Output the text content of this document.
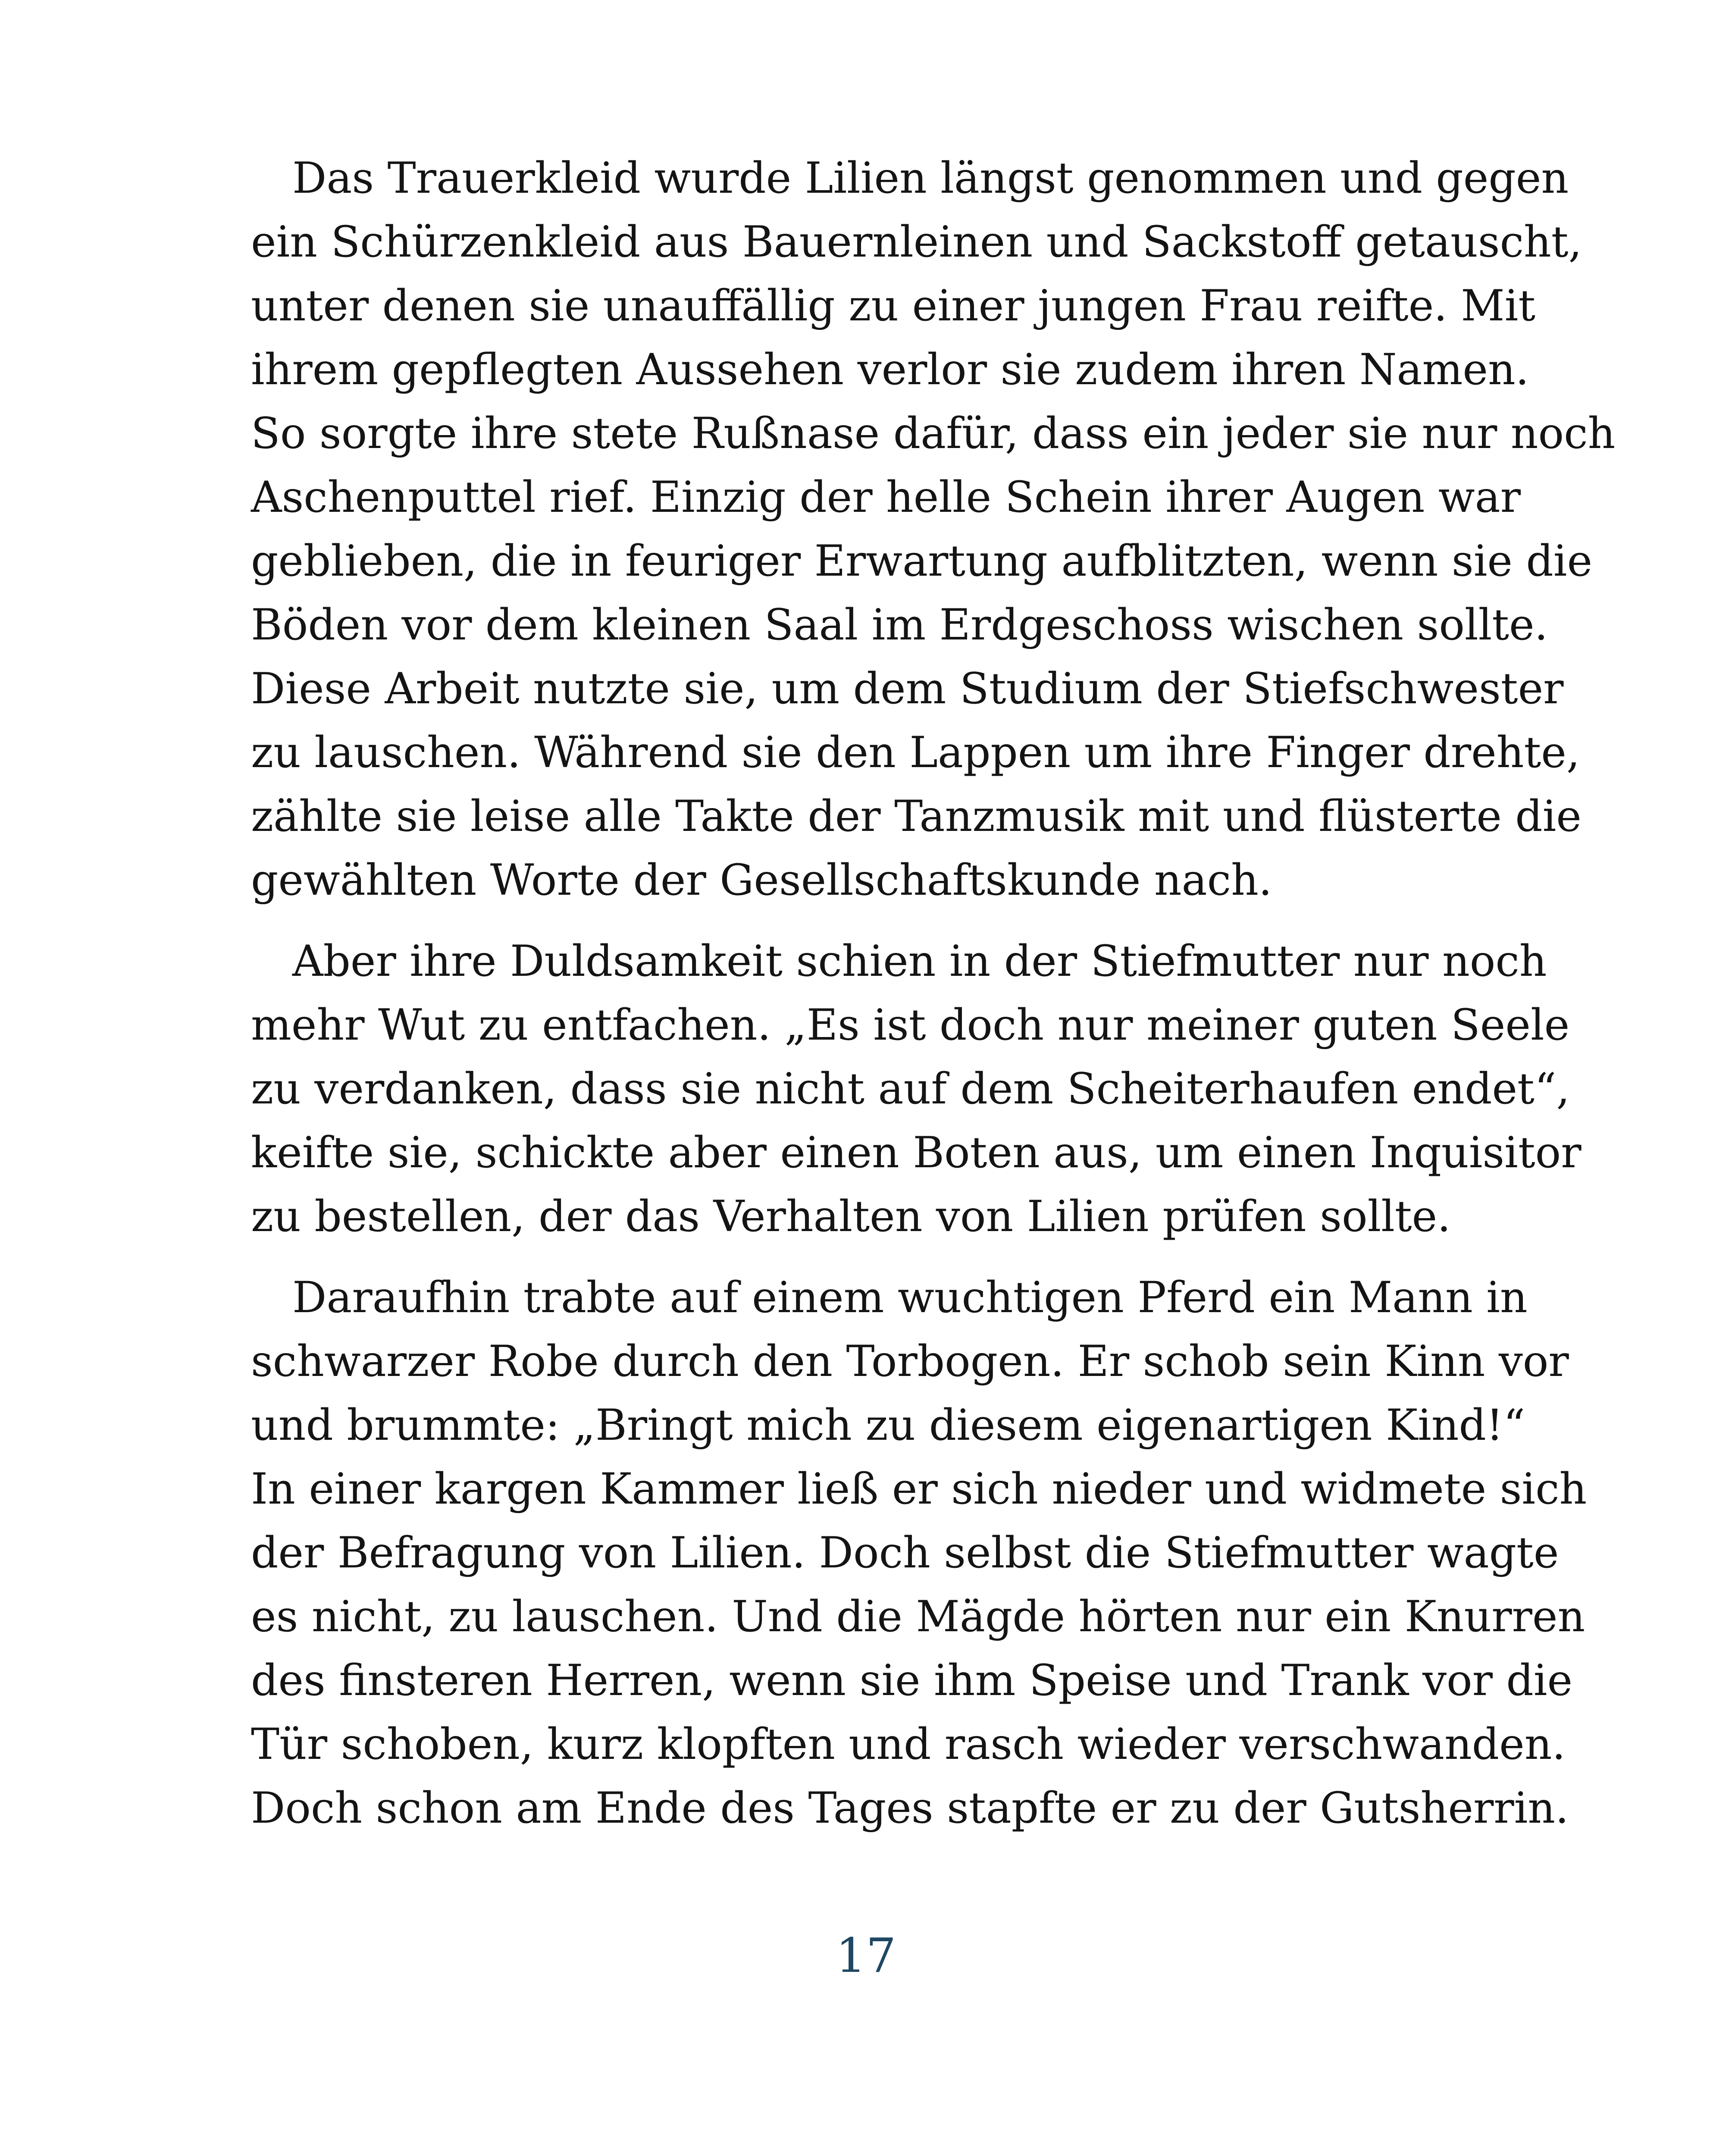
Das Trauerkleid wurde Lilien längst genommen und gegen
ein Schürzenkleid aus Bauernleinen und Sackstoff getauscht,
unter denen sie unauffällig zu einer jungen Frau reifte. Mit
ihrem gepflegten Aussehen verlor sie zudem ihren Namen.
So sorgte ihre stete Rußnase dafür, dass ein jeder sie nur noch
Aschenputtel rief. Einzig der helle Schein ihrer Augen war
geblieben, die in feuriger Erwartung aufblitzten, wenn sie die
Böden vor dem kleinen Saal im Erdgeschoss wischen sollte.
Diese Arbeit nutzte sie, um dem Studium der Stiefschwester
zu lauschen. Während sie den Lappen um ihre Finger drehte,
zählte sie leise alle Takte der Tanzmusik mit und flüsterte die
gewählten Worte der Gesellschaftskunde nach.
Aber ihre Duldsamkeit schien in der Stiefmutter nur noch
mehr Wut zu entfachen. „Es ist doch nur meiner guten Seele
zu verdanken, dass sie nicht auf dem Scheiterhaufen endet“,
keifte sie, schickte aber einen Boten aus, um einen Inquisitor
zu bestellen, der das Verhalten von Lilien prüfen sollte.
Daraufhin trabte auf einem wuchtigen Pferd ein Mann in
schwarzer Robe durch den Torbogen. Er schob sein Kinn vor
und brummte: „Bringt mich zu diesem eigenartigen Kind!“
In einer kargen Kammer ließ er sich nieder und widmete sich
der Befragung von Lilien. Doch selbst die Stiefmutter wagte
es nicht, zu lauschen. Und die Mägde hörten nur ein Knurren
des finsteren Herren, wenn sie ihm Speise und Trank vor die
Tür schoben, kurz klopften und rasch wieder verschwanden.
Doch schon am Ende des Tages stapfte er zu der Gutsherrin.
17
